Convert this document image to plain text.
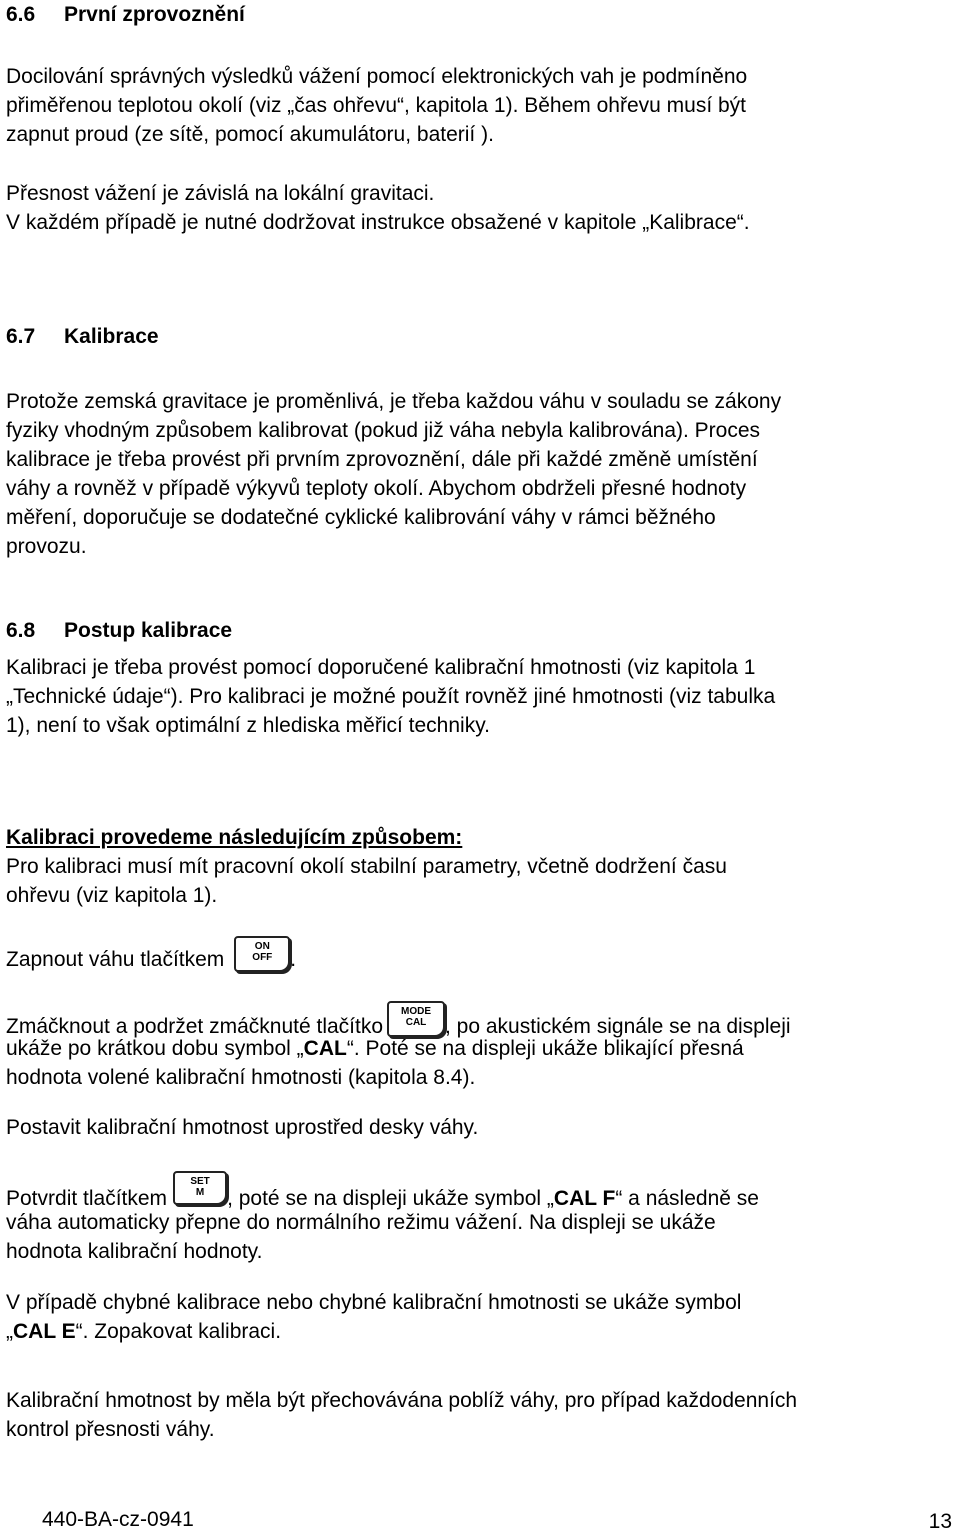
6.6 První zprovoznění
Docilování správných výsledků vážení pomocí elektronických vah je podmíněno
přiměřenou teplotou okolí (viz „čas ohřevu“, kapitola 1). Během ohřevu musí být
zapnut proud (ze sítě, pomocí akumulátoru, baterií ).
Přesnost vážení je závislá na lokální gravitaci.
V každém případě je nutné dodržovat instrukce obsažené v kapitole „Kalibrace“.
6.7 Kalibrace
Protože zemská gravitace je proměnlivá, je třeba každou váhu v souladu se zákony
fyziky vhodným způsobem kalibrovat (pokud již váha nebyla kalibrována). Proces
kalibrace je třeba provést při prvním zprovoznění, dále při každé změně umístění
váhy a rovněž v případě výkyvů teploty okolí. Abychom obdrželi přesné hodnoty
měření, doporučuje se dodatečné cyklické kalibrování váhy v rámci běžného
provozu.
6.8 Postup kalibrace
Kalibraci je třeba provést pomocí doporučené kalibrační hmotnosti (viz kapitola 1
„Technické údaje“). Pro kalibraci je možné použít rovněž jiné hmotnosti (viz tabulka
1), není to však optimální z hlediska měřicí techniky.
Kalibraci provedeme následujícím způsobem:
Pro kalibraci musí mít pracovní okolí stabilní parametry, včetně dodržení času
ohřevu (viz kapitola 1).
Zapnout váhu tlačítkem
ON
OFF .
Zmáčknout a podržet zmáčknuté tlačítko
MODE
CAL , po akustickém signále se na displeji
ukáže po krátkou dobu symbol „CAL“. Poté se na displeji ukáže blikající přesná
hodnota volené kalibrační hmotnosti (kapitola 8.4).
Postavit kalibrační hmotnost uprostřed desky váhy.
Potvrdit tlačítkem
SET
M	, poté se na displeji ukáže symbol „CAL F“ a následně se
váha automaticky přepne do normálního režimu vážení. Na displeji se ukáže
hodnota kalibrační hodnoty.
V případě chybné kalibrace nebo chybné kalibrační hmotnosti se ukáže symbol
„CAL E“. Zopakovat kalibraci.
Kalibrační hmotnost by měla být přechovávána poblíž váhy, pro případ každodenních
kontrol přesnosti váhy.
440-BA-cz-0941	13
